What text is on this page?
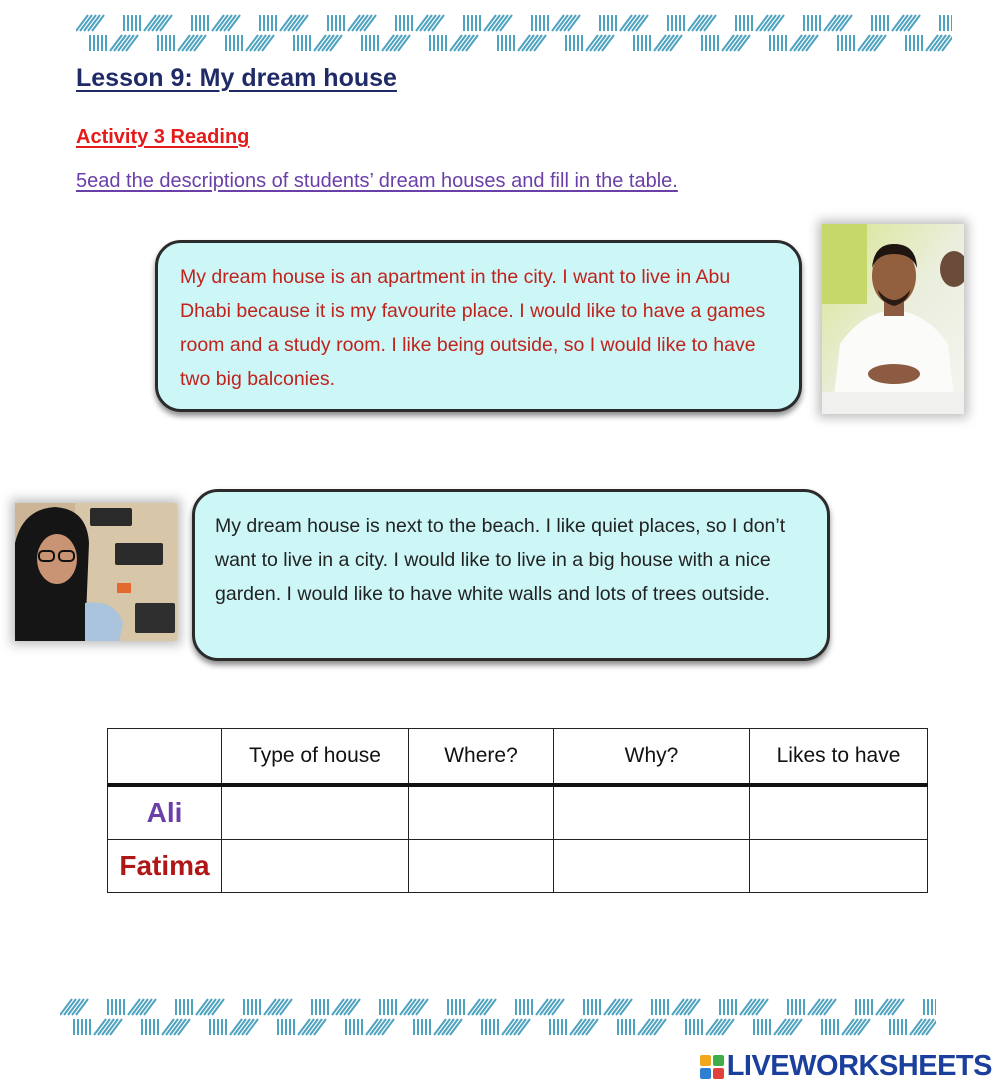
Lesson 9: My dream house
Activity 3 Reading
5ead the descriptions of students’ dream houses and fill in the table.

My dream house is an apartment in the city. I want to live in Abu Dhabi because it is my favourite place. I would like to have a games room and a study room. I like being outside, so I would like to have two big balconies.

My dream house is next to the beach. I like quiet places, so I don’t want to live in a city. I would like to live in a big house with a nice garden. I would like to have white walls and lots of trees outside.

	Type of house	Where?	Why?	Likes to have
Ali				
Fatima				
LIVEWORKSHEETS
